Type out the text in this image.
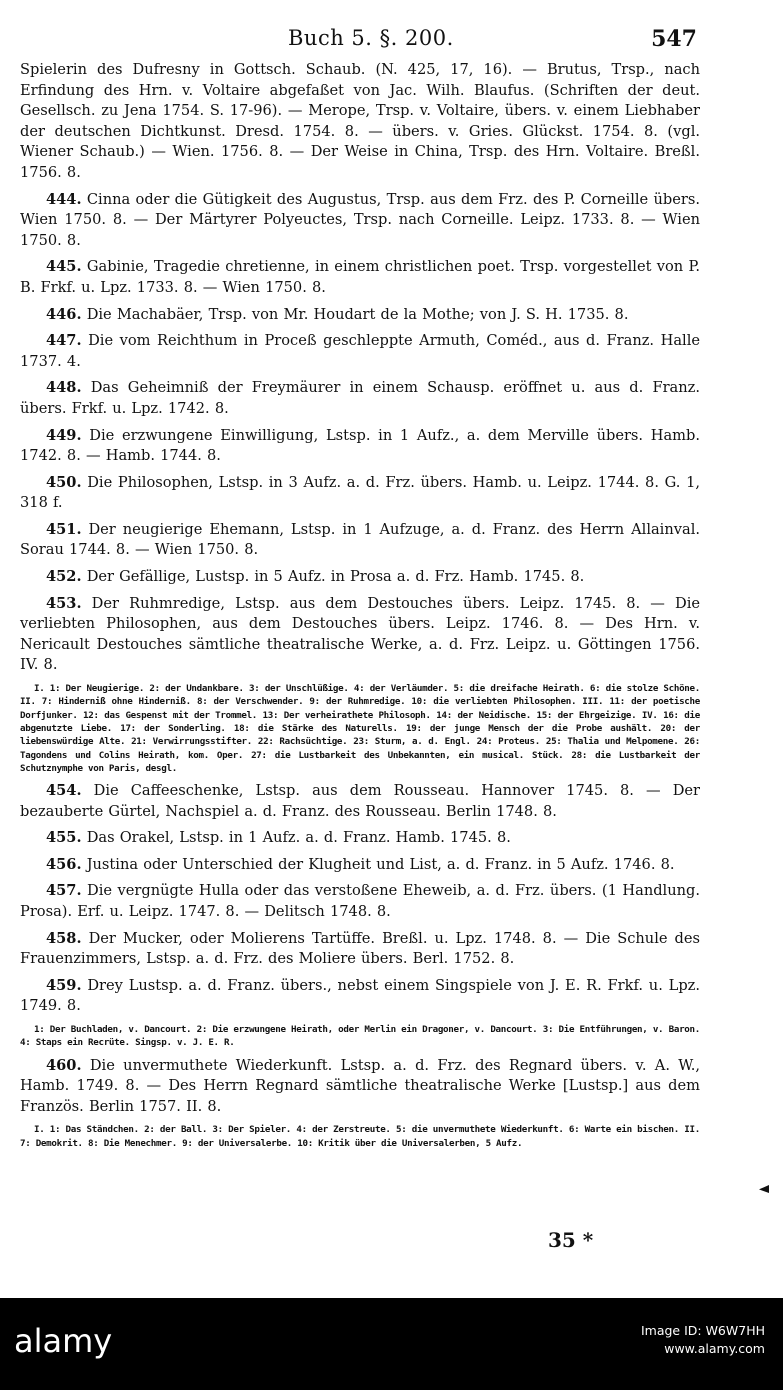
Buch 5. §. 200.	547

Spielerin des Dufresny in Gottsch. Schaub. (N. 425, 17, 16). — Brutus, Trsp., nach Erfindung des Hrn. v. Voltaire abgefaßet von Jac. Wilh. Blaufus. (Schriften der deut. Gesellsch. zu Jena 1754. S. 17-96). — Merope, Trsp. v. Voltaire, übers. v. einem Liebhaber der deutschen Dichtkunst. Dresd. 1754. 8. — übers. v. Gries. Glückst. 1754. 8. (vgl. Wiener Schaub.) — Wien. 1756. 8. — Der Weise in China, Trsp. des Hrn. Voltaire. Breßl. 1756. 8.

444. Cinna oder die Gütigkeit des Augustus, Trsp. aus dem Frz. des P. Corneille übers. Wien 1750. 8. — Der Märtyrer Polyeuctes, Trsp. nach Corneille. Leipz. 1733. 8. — Wien 1750. 8.

445. Gabinie, Tragedie chretienne, in einem christlichen poet. Trsp. vorgestellet von P. B. Frkf. u. Lpz. 1733. 8. — Wien 1750. 8.

446. Die Machabäer, Trsp. von Mr. Houdart de la Mothe; von J. S. H. 1735. 8.

447. Die vom Reichthum in Proceß geschleppte Armuth, Coméd., aus d. Franz. Halle 1737. 4.

448. Das Geheimniß der Freymäurer in einem Schausp. eröffnet u. aus d. Franz. übers. Frkf. u. Lpz. 1742. 8.

449. Die erzwungene Einwilligung, Lstsp. in 1 Aufz., a. dem Merville übers. Hamb. 1742. 8. — Hamb. 1744. 8.

450. Die Philosophen, Lstsp. in 3 Aufz. a. d. Frz. übers. Hamb. u. Leipz. 1744. 8. G. 1, 318 f.

451. Der neugierige Ehemann, Lstsp. in 1 Aufzuge, a. d. Franz. des Herrn Allainval. Sorau 1744. 8. — Wien 1750. 8.

452. Der Gefällige, Lustsp. in 5 Aufz. in Prosa a. d. Frz. Hamb. 1745. 8.

453. Der Ruhmredige, Lstsp. aus dem Destouches übers. Leipz. 1745. 8. — Die verliebten Philosophen, aus dem Destouches übers. Leipz. 1746. 8. — Des Hrn. v. Nericault Destouches sämtliche theatralische Werke, a. d. Frz. Leipz. u. Göttingen 1756. IV. 8.

I. 1: Der Neugierige. 2: der Undankbare. 3: der Unschlüßige. 4: der Verläumder. 5: die dreifache Heirath. 6: die stolze Schöne. II. 7: Hinderniß ohne Hinderniß. 8: der Verschwender. 9: der Ruhmredige. 10: die verliebten Philosophen. III. 11: der poetische Dorfjunker. 12: das Gespenst mit der Trommel. 13: Der verheirathete Philosoph. 14: der Neidische. 15: der Ehrgeizige. IV. 16: die abgenutzte Liebe. 17: der Sonderling. 18: die Stärke des Naturells. 19: der junge Mensch der die Probe aushält. 20: der liebenswürdige Alte. 21: Verwirrungsstifter. 22: Rachsüchtige. 23: Sturm, a. d. Engl. 24: Proteus. 25: Thalia und Melpomene. 26: Tagondens und Colins Heirath, kom. Oper. 27: die Lustbarkeit des Unbekannten, ein musical. Stück. 28: die Lustbarkeit der Schutznymphe von Paris, desgl.

454. Die Caffeeschenke, Lstsp. aus dem Rousseau. Hannover 1745. 8. — Der bezauberte Gürtel, Nachspiel a. d. Franz. des Rousseau. Berlin 1748. 8.

455. Das Orakel, Lstsp. in 1 Aufz. a. d. Franz. Hamb. 1745. 8.

456. Justina oder Unterschied der Klugheit und List, a. d. Franz. in 5 Aufz. 1746. 8.

457. Die vergnügte Hulla oder das verstoßene Eheweib, a. d. Frz. übers. (1 Handlung. Prosa). Erf. u. Leipz. 1747. 8. — Delitsch 1748. 8.

458. Der Mucker, oder Molierens Tartüffe. Breßl. u. Lpz. 1748. 8. — Die Schule des Frauenzimmers, Lstsp. a. d. Frz. des Moliere übers. Berl. 1752. 8.

459. Drey Lustsp. a. d. Franz. übers., nebst einem Singspiele von J. E. R. Frkf. u. Lpz. 1749. 8.

1: Der Buchladen, v. Dancourt. 2: Die erzwungene Heirath, oder Merlin ein Dragoner, v. Dancourt. 3: Die Entführungen, v. Baron. 4: Staps ein Recrüte. Singsp. v. J. E. R.

460. Die unvermuthete Wiederkunft. Lstsp. a. d. Frz. des Regnard übers. v. A. W., Hamb. 1749. 8. — Des Herrn Regnard sämtliche theatralische Werke [Lustsp.] aus dem Französ. Berlin 1757. II. 8.

I. 1: Das Ständchen. 2: der Ball. 3: Der Spieler. 4: der Zerstreute. 5: die unvermuthete Wiederkunft. 6: Warte ein bischen. II. 7: Demokrit. 8: Die Menechmer. 9: der Universalerbe. 10: Kritik über die Universalerben, 5 Aufz.

35 *
alamy	Image ID: W6W7HH
www.alamy.com
